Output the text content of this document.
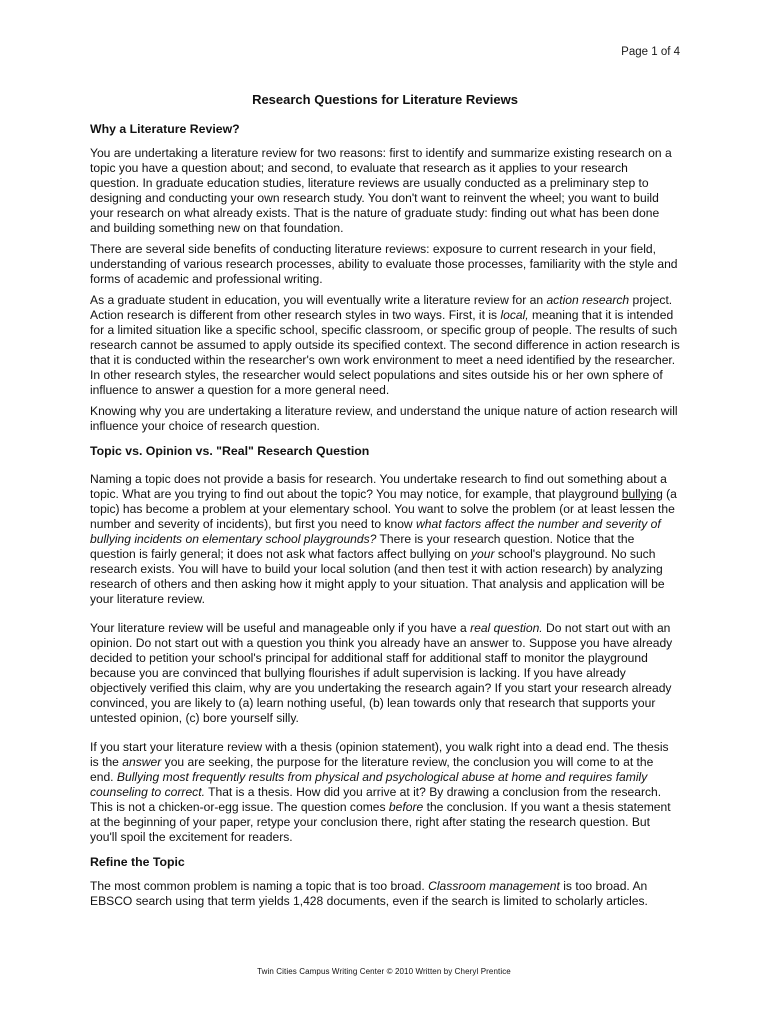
Page 1 of 4
Research Questions for Literature Reviews
Why a Literature Review?

You are undertaking a literature review for two reasons: first to identify and summarize existing research on a topic you have a question about; and second, to evaluate that research as it applies to your research question. In graduate education studies, literature reviews are usually conducted as a preliminary step to designing and conducting your own research study. You don't want to reinvent the wheel; you want to build your research on what already exists. That is the nature of graduate study: finding out what has been done and building something new on that foundation.

There are several side benefits of conducting literature reviews: exposure to current research in your field, understanding of various research processes, ability to evaluate those processes, familiarity with the style and forms of academic and professional writing.

As a graduate student in education, you will eventually write a literature review for an action research project. Action research is different from other research styles in two ways. First, it is local, meaning that it is intended for a limited situation like a specific school, specific classroom, or specific group of people. The results of such research cannot be assumed to apply outside its specified context. The second difference in action research is that it is conducted within the researcher's own work environment to meet a need identified by the researcher. In other research styles, the researcher would select populations and sites outside his or her own sphere of influence to answer a question for a more general need.

Knowing why you are undertaking a literature review, and understand the unique nature of action research will influence your choice of research question.

Topic vs. Opinion vs. "Real" Research Question

Naming a topic does not provide a basis for research. You undertake research to find out something about a topic. What are you trying to find out about the topic? You may notice, for example, that playground bullying (a topic) has become a problem at your elementary school. You want to solve the problem (or at least lessen the number and severity of incidents), but first you need to know what factors affect the number and severity of bullying incidents on elementary school playgrounds? There is your research question. Notice that the question is fairly general; it does not ask what factors affect bullying on your school's playground. No such research exists. You will have to build your local solution (and then test it with action research) by analyzing research of others and then asking how it might apply to your situation. That analysis and application will be your literature review.

Your literature review will be useful and manageable only if you have a real question. Do not start out with an opinion. Do not start out with a question you think you already have an answer to. Suppose you have already decided to petition your school's principal for additional staff for additional staff to monitor the playground because you are convinced that bullying flourishes if adult supervision is lacking. If you have already objectively verified this claim, why are you undertaking the research again? If you start your research already convinced, you are likely to (a) learn nothing useful, (b) lean towards only that research that supports your untested opinion, (c) bore yourself silly.

If you start your literature review with a thesis (opinion statement), you walk right into a dead end. The thesis is the answer you are seeking, the purpose for the literature review, the conclusion you will come to at the end. Bullying most frequently results from physical and psychological abuse at home and requires family counseling to correct. That is a thesis. How did you arrive at it? By drawing a conclusion from the research. This is not a chicken-or-egg issue. The question comes before the conclusion. If you want a thesis statement at the beginning of your paper, retype your conclusion there, right after stating the research question. But you'll spoil the excitement for readers.

Refine the Topic

The most common problem is naming a topic that is too broad. Classroom management is too broad. An EBSCO search using that term yields 1,428 documents, even if the search is limited to scholarly articles.

Twin Cities Campus Writing Center © 2010 Written by Cheryl Prentice
